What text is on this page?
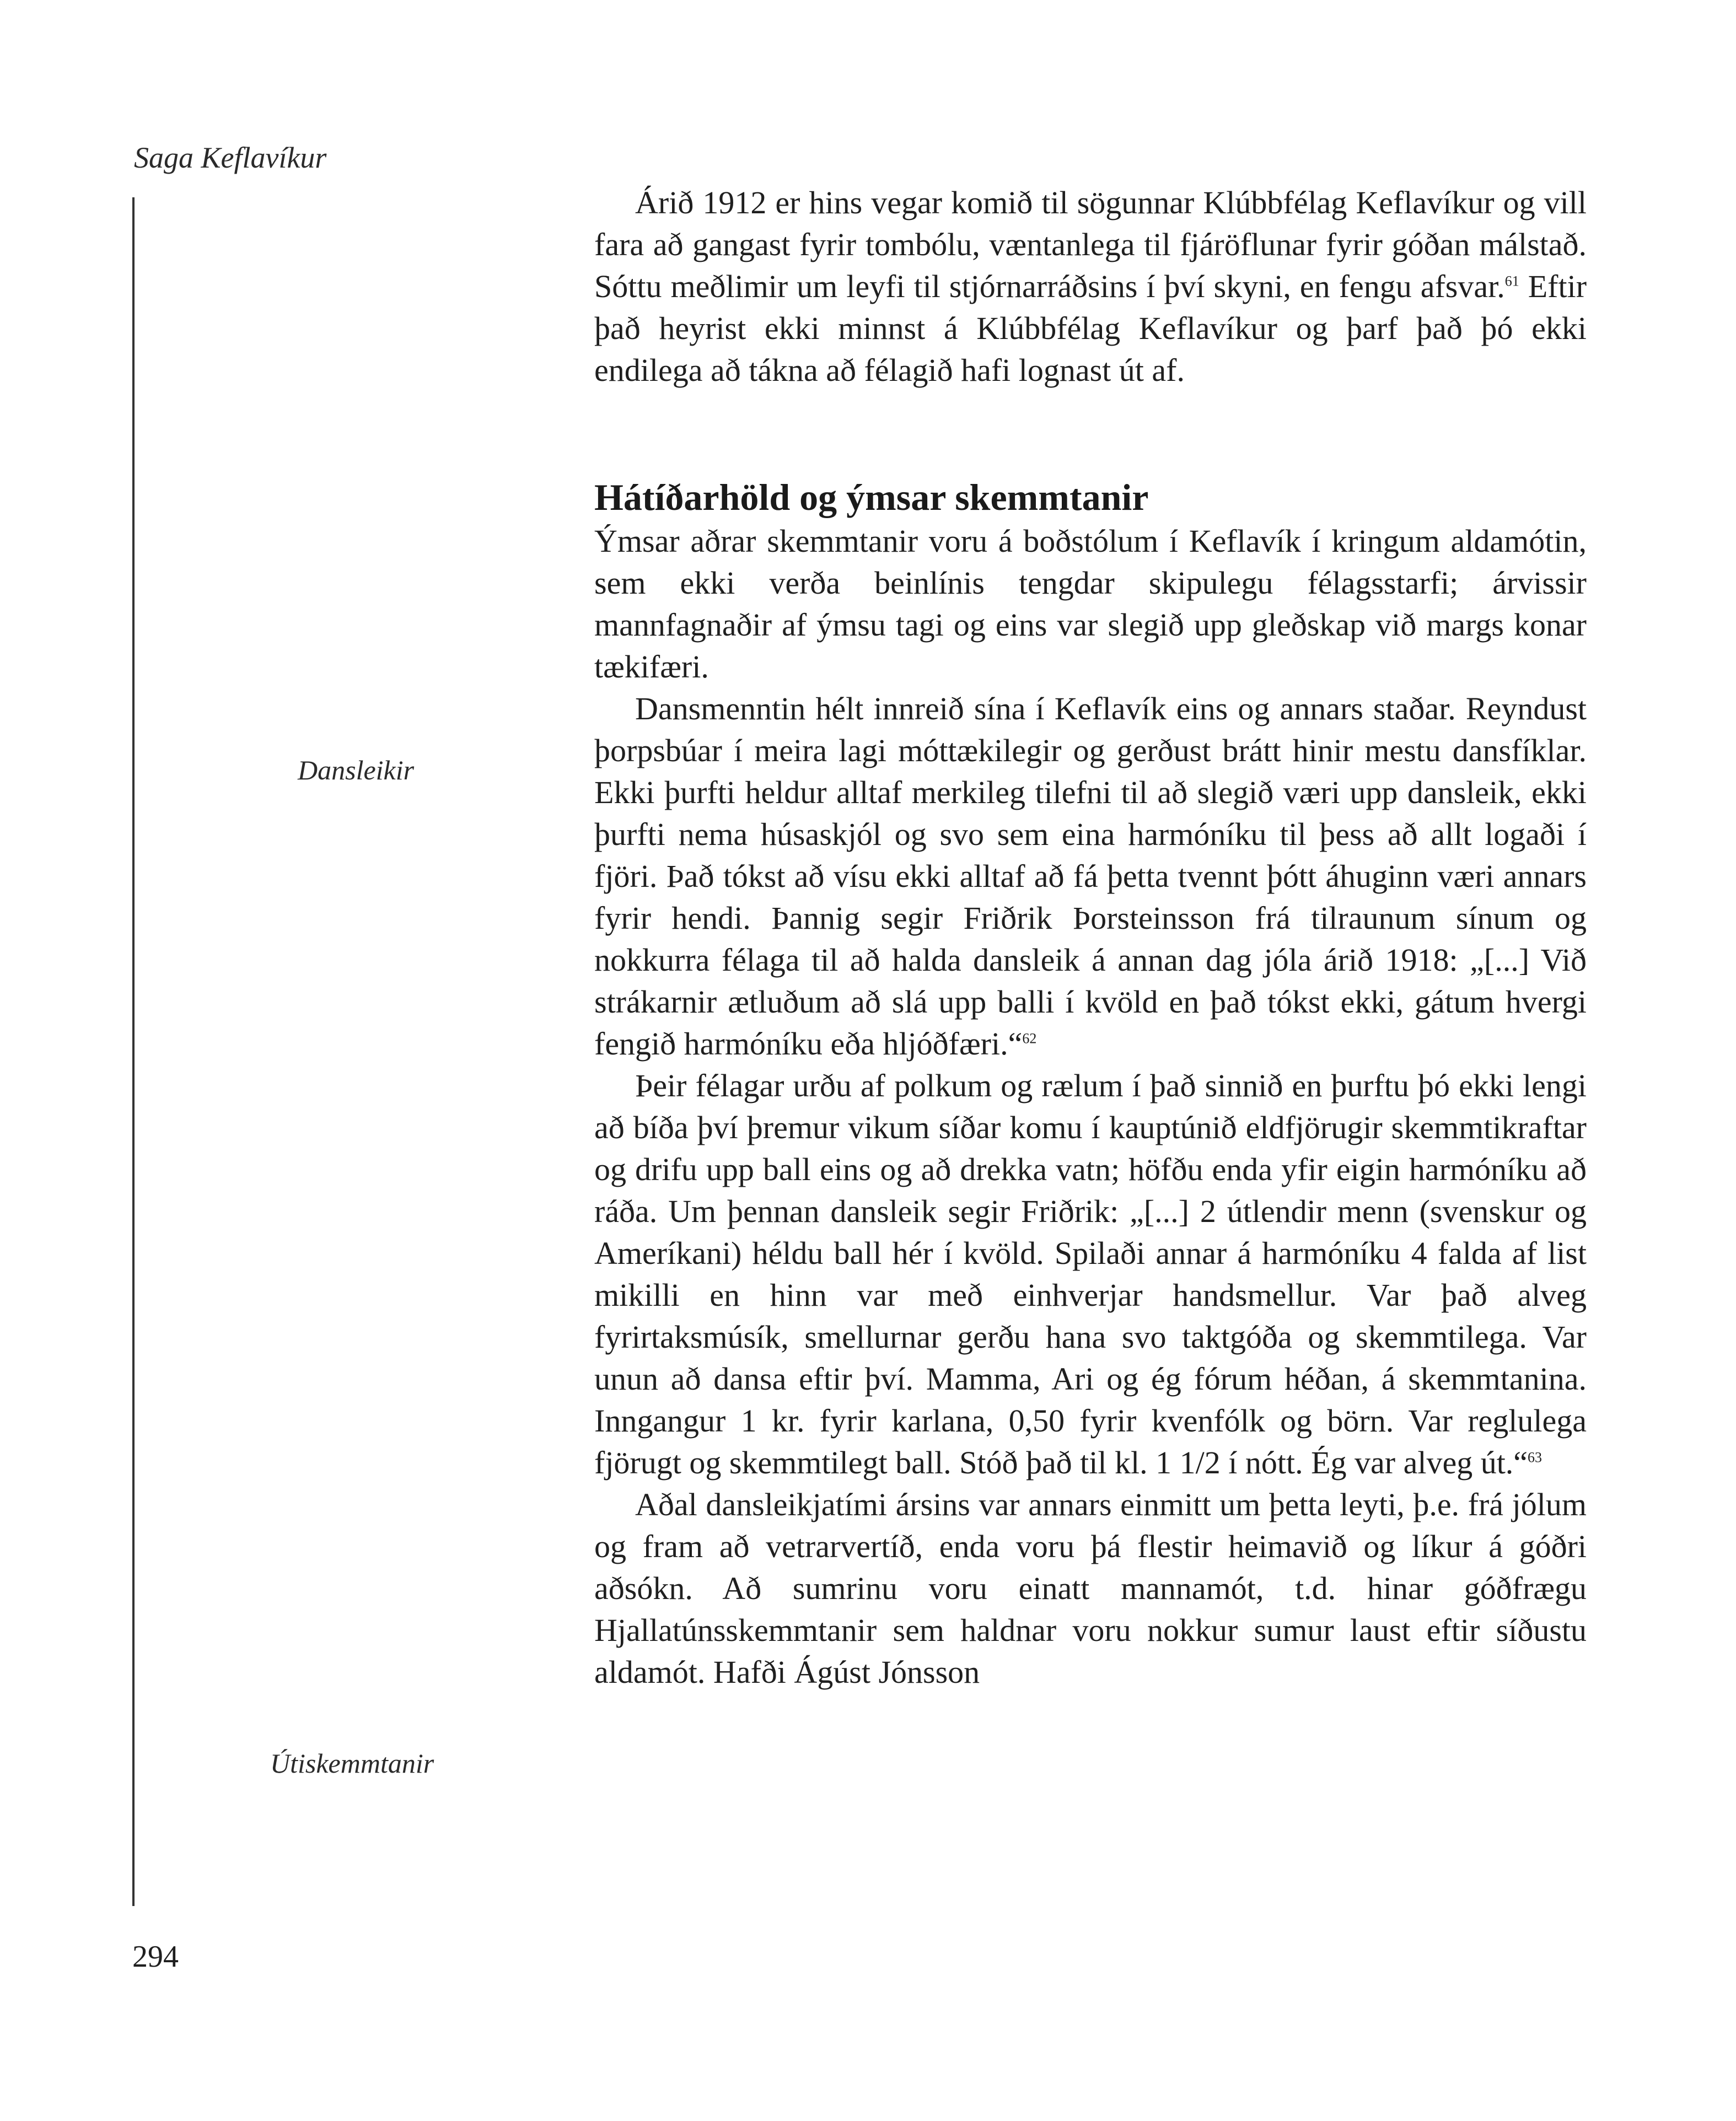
Saga Keflavíkur

Dansleikir

Útiskemmtanir

Árið 1912 er hins vegar komið til sögunnar Klúbbfélag Keflavíkur og vill fara að gangast fyrir tombólu, væntanlega til fjáröflunar fyrir góðan málstað. Sóttu meðlimir um leyfi til stjórnarráðsins í því skyni, en fengu afsvar.$^{61}$ Eftir það heyrist ekki minnst á Klúbbfélag Keflavíkur og þarf það þó ekki endilega að tákna að félagið hafi lognast út af.

Hátíðarhöld og ýmsar skemmtanir

Ýmsar aðrar skemmtanir voru á boðstólum í Keflavík í kringum aldamótin, sem ekki verða beinlínis tengdar skipulegu félagsstarfi; árvissir mannfagnaðir af ýmsu tagi og eins var slegið upp gleðskap við margs konar tækifæri.

Dansmenntin hélt innreið sína í Keflavík eins og annars staðar. Reyndust þorpsbúar í meira lagi móttækilegir og gerðust brátt hinir mestu dansfíklar. Ekki þurfti heldur alltaf merkileg tilefni til að slegið væri upp dansleik, ekki þurfti nema húsaskjól og svo sem eina harmóníku til þess að allt logaði í fjöri. Það tókst að vísu ekki alltaf að fá þetta tvennt þótt áhuginn væri annars fyrir hendi. Þannig segir Friðrik Þorsteinsson frá tilraunum sínum og nokkurra félaga til að halda dansleik á annan dag jóla árið 1918: „[...] Við strákarnir ætluðum að slá upp balli í kvöld en það tókst ekki, gátum hvergi fengið harmóníku eða hljóðfæri.“$^{62}$

Þeir félagar urðu af polkum og rælum í það sinnið en þurftu þó ekki lengi að bíða því þremur vikum síðar komu í kauptúnið eldfjörugir skemmtikraftar og drifu upp ball eins og að drekka vatn; höfðu enda yfir eigin harmóníku að ráða. Um þennan dansleik segir Friðrik: „[...] 2 útlendir menn (svenskur og Ameríkani) héldu ball hér í kvöld. Spilaði annar á harmóníku 4 falda af list mikilli en hinn var með einhverjar handsmellur. Var það alveg fyrirtaksmúsík, smellurnar gerðu hana svo taktgóða og skemmtilega. Var unun að dansa eftir því. Mamma, Ari og ég fórum héðan, á skemmtanina. Inngangur 1 kr. fyrir karlana, 0,50 fyrir kvenfólk og börn. Var reglulega fjörugt og skemmtilegt ball. Stóð það til kl. 1 1/2 í nótt. Ég var alveg út.“$^{63}$

Aðal dansleikjatími ársins var annars einmitt um þetta leyti, þ.e. frá jólum og fram að vetrarvertíð, enda voru þá flestir heimavið og líkur á góðri aðsókn. Að sumrinu voru einatt mannamót, t.d. hinar góðfrægu Hjallatúnsskemmtanir sem haldnar voru nokkur sumur laust eftir síðustu aldamót. Hafði Ágúst Jónsson

294
